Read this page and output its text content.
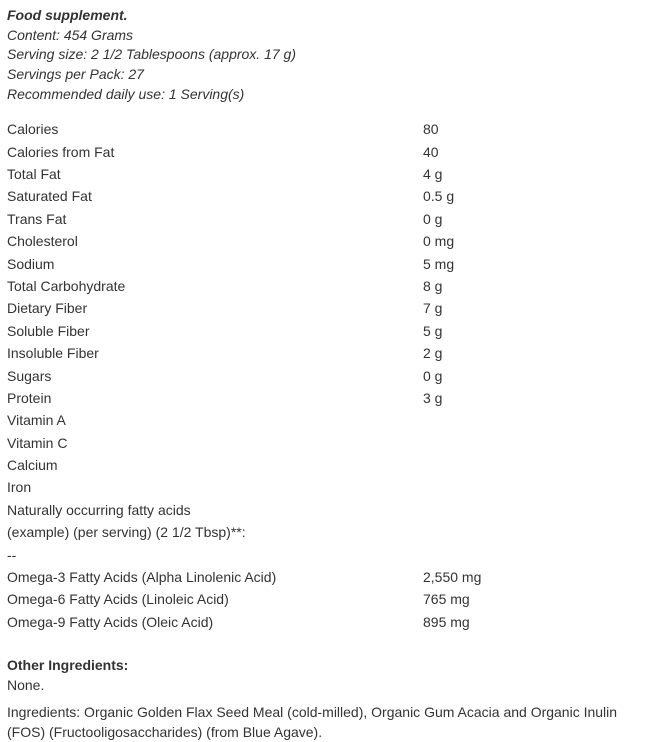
Food supplement.
Content: 454 Grams
Serving size: 2 1/2 Tablespoons (approx. 17 g)
Servings per Pack: 27
Recommended daily use: 1 Serving(s)
Calories	80
Calories from Fat	40
Total Fat	4 g
Saturated Fat	0.5 g
Trans Fat	0 g
Cholesterol	0 mg
Sodium	5 mg
Total Carbohydrate	8 g
Dietary Fiber	7 g
Soluble Fiber	5 g
Insoluble Fiber	2 g
Sugars	0 g
Protein	3 g
Vitamin A	
Vitamin C	
Calcium	
Iron	
Naturally occurring fatty acids	
(example) (per serving) (2 1/2 Tbsp)**:	
--	
Omega-3 Fatty Acids (Alpha Linolenic Acid)	2,550 mg
Omega-6 Fatty Acids (Linoleic Acid)	765 mg
Omega-9 Fatty Acids (Oleic Acid)	895 mg
Other Ingredients:
None.

Ingredients: Organic Golden Flax Seed Meal (cold-milled), Organic Gum Acacia and Organic Inulin (FOS) (Fructooligosaccharides) (from Blue Agave).
